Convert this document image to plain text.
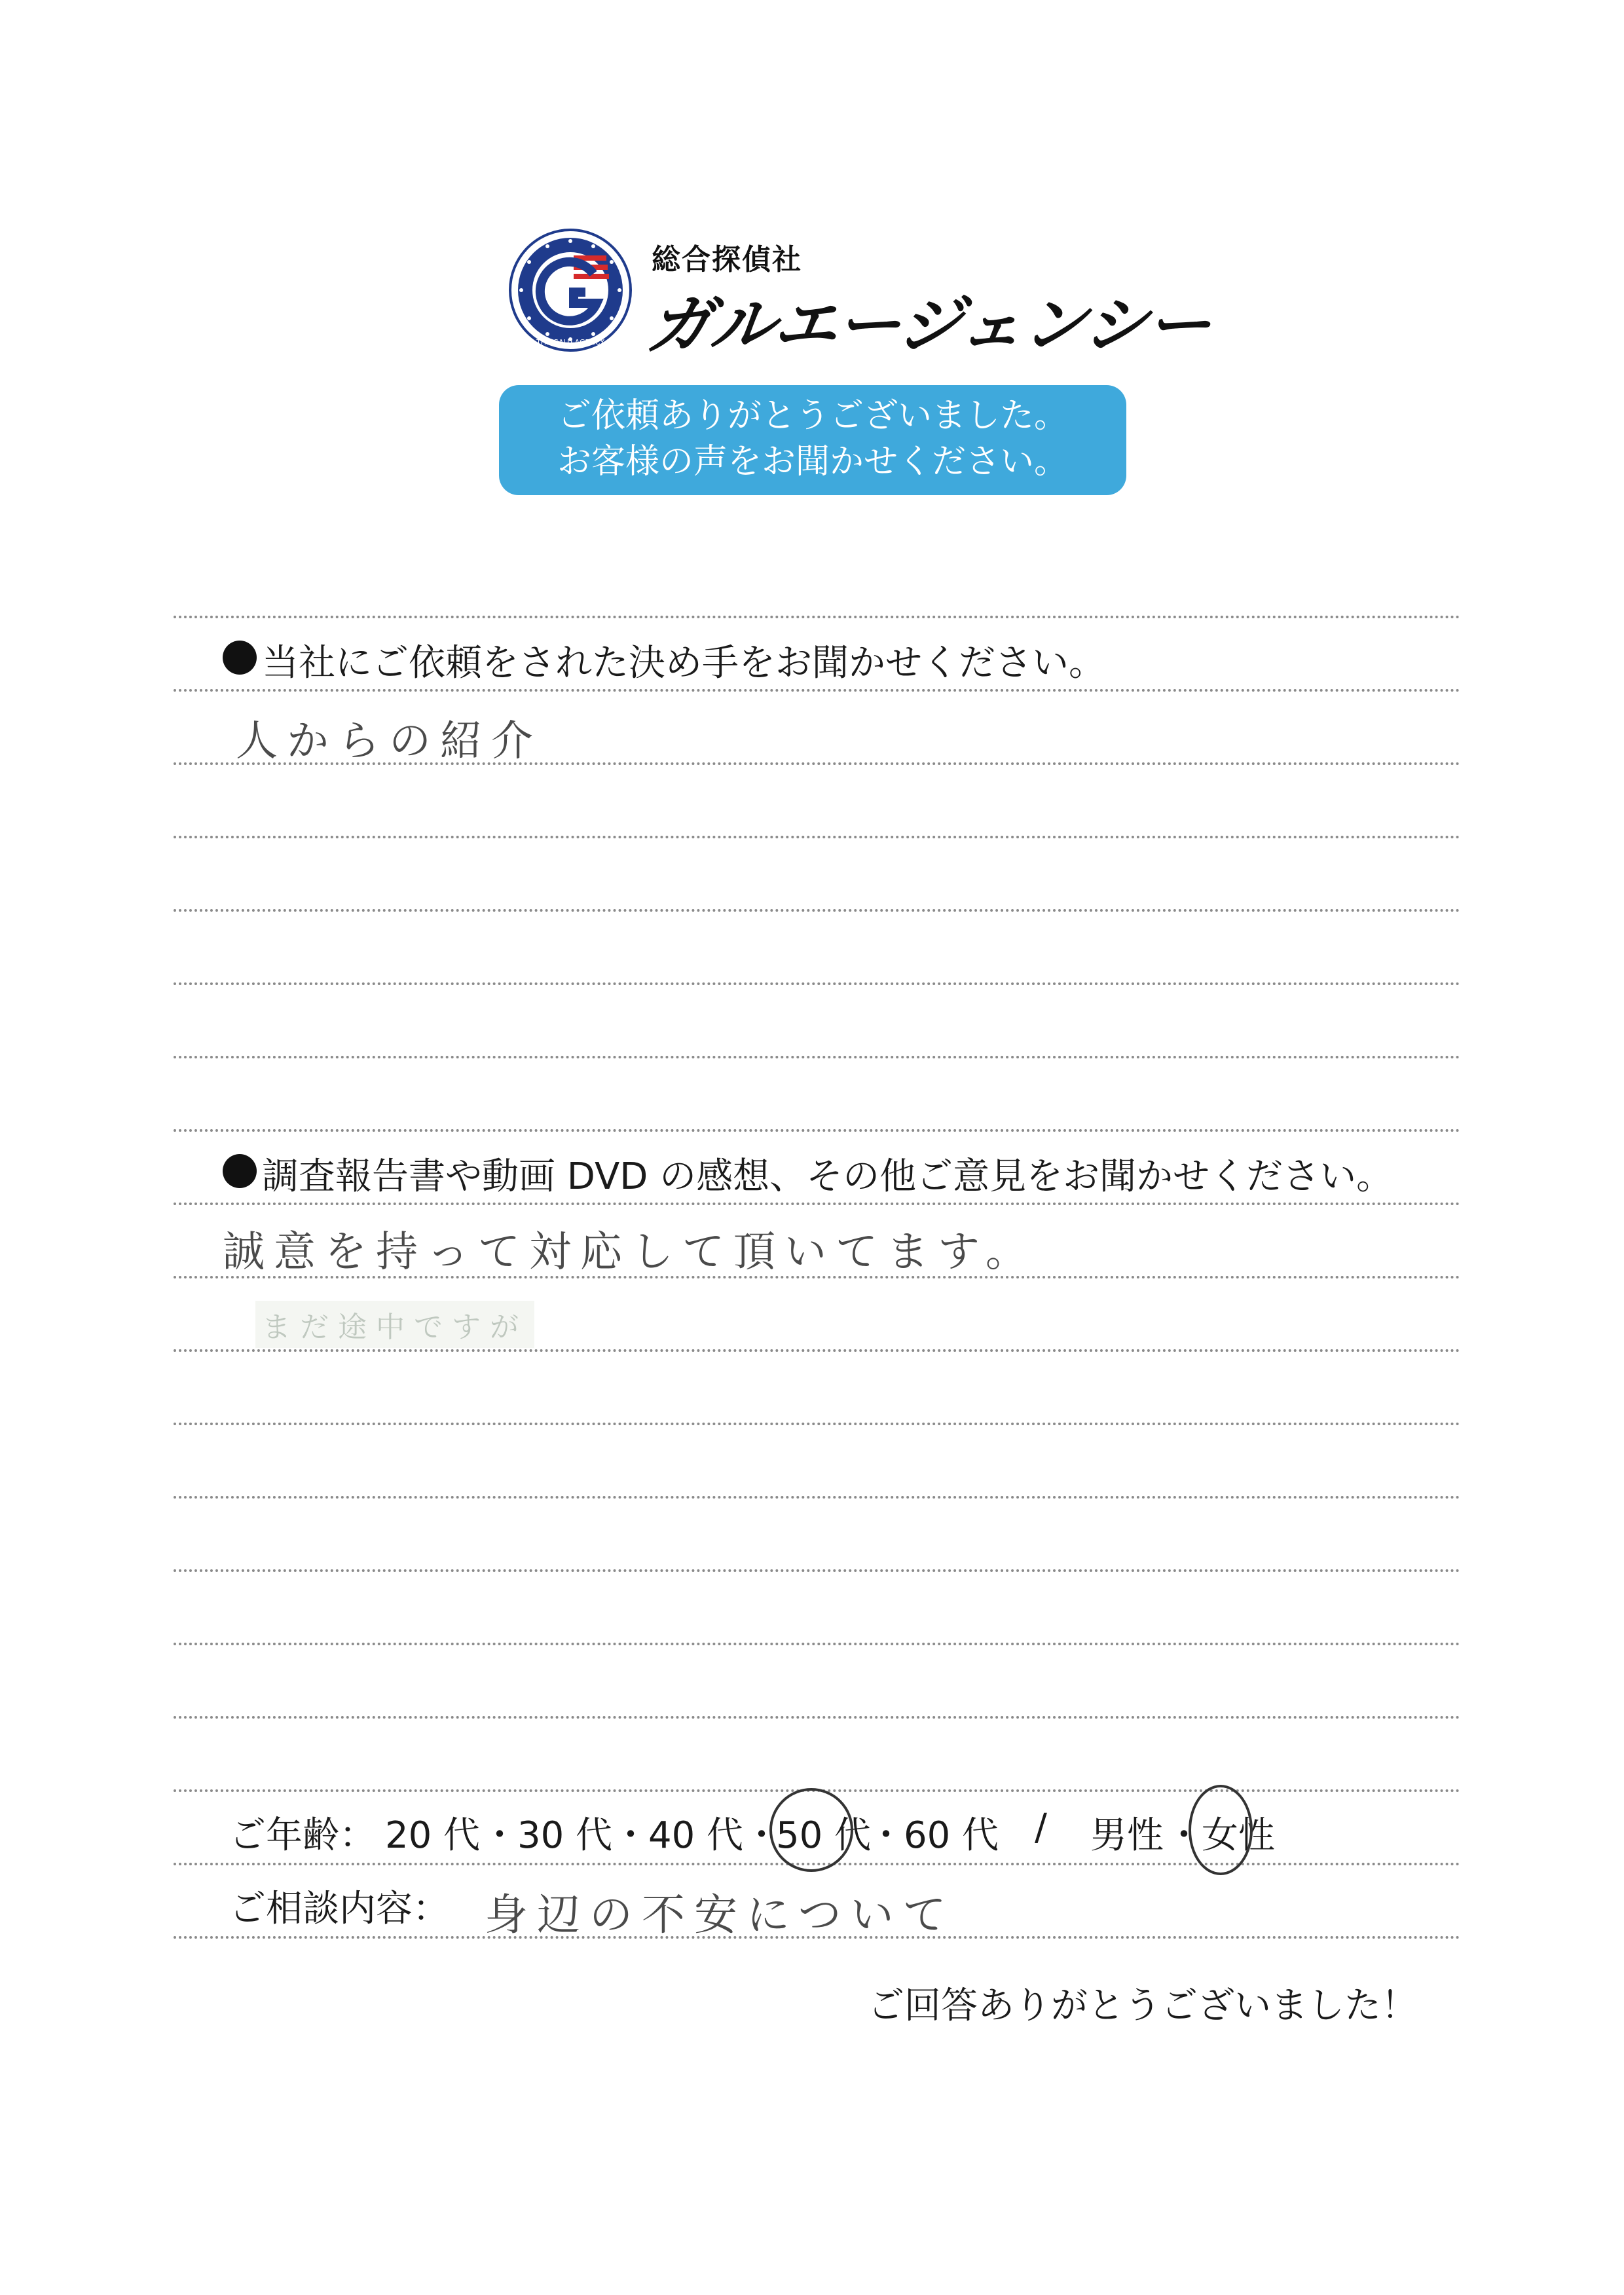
THE GALU AGENCY
総合探偵社
ガルエージェンシー
ご依頼ありがとうございました。
お客様の声をお聞かせください。
当社にご依頼をされた決め手をお聞かせください。
人からの紹介
調査報告書や動画 DVD の感想、その他ご意見をお聞かせください。
誠意を持って対応して頂いてます。
まだ途中ですが
ご年齢： 20 代 ・ 30 代 ・ 40 代 ・
50 代
・ 60 代 / 男性 ・ 女性
ご相談内容： 身辺の不安について
ご回答ありがとうございました！
